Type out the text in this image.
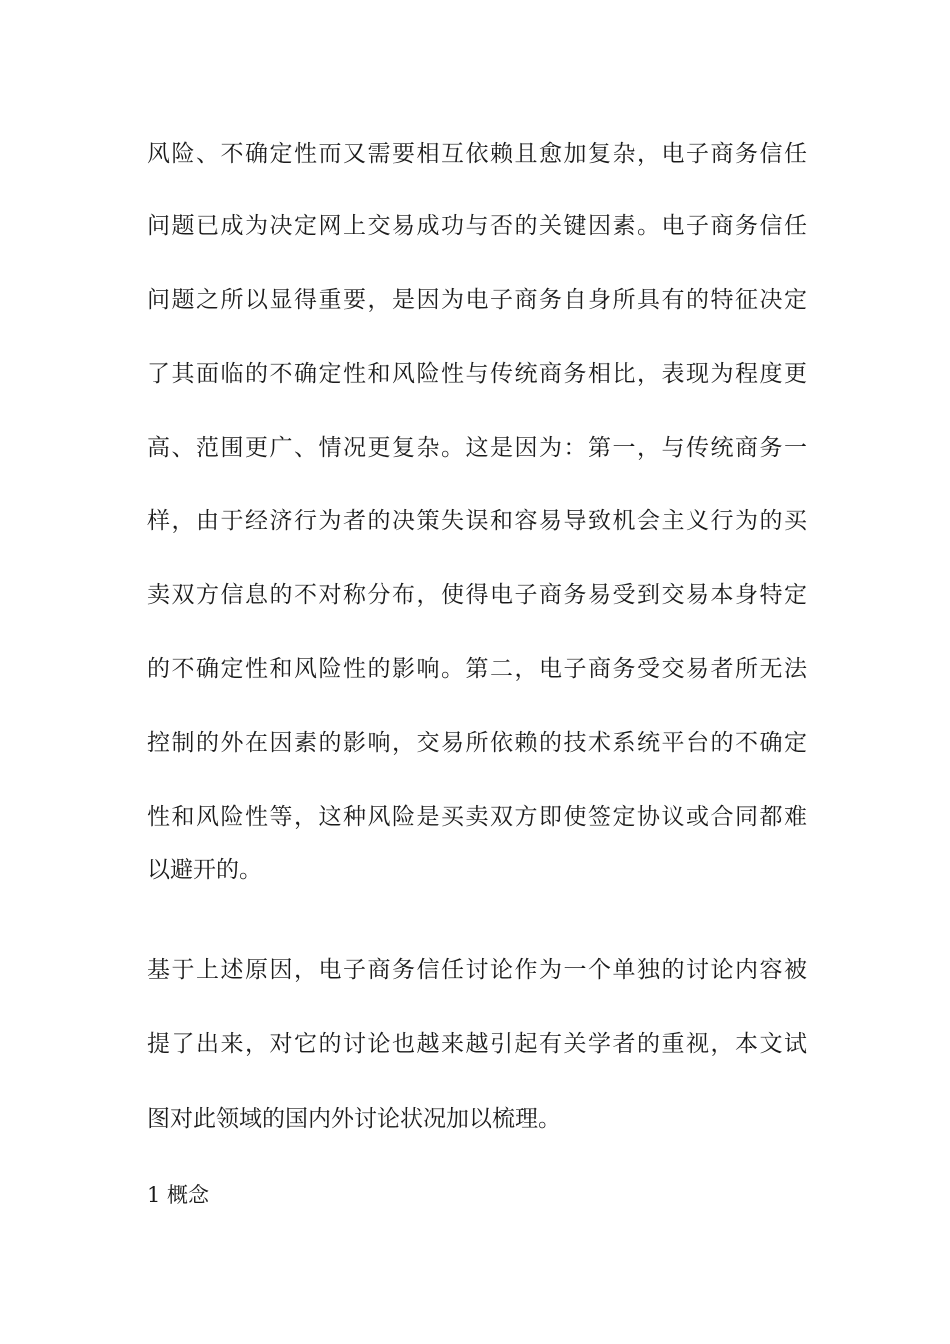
风险、不确定性而又需要相互依赖且愈加复杂，电子商务信任
问题已成为决定网上交易成功与否的关键因素。电子商务信任
问题之所以显得重要，是因为电子商务自身所具有的特征决定
了其面临的不确定性和风险性与传统商务相比，表现为程度更
高、范围更广、情况更复杂。这是因为：第一，与传统商务一
样，由于经济行为者的决策失误和容易导致机会主义行为的买
卖双方信息的不对称分布，使得电子商务易受到交易本身特定
的不确定性和风险性的影响。第二，电子商务受交易者所无法
控制的外在因素的影响，交易所依赖的技术系统平台的不确定
性和风险性等，这种风险是买卖双方即使签定协议或合同都难
以避开的。
基于上述原因，电子商务信任讨论作为一个单独的讨论内容被
提了出来，对它的讨论也越来越引起有关学者的重视，本文试
图对此领域的国内外讨论状况加以梳理。
1 概念
